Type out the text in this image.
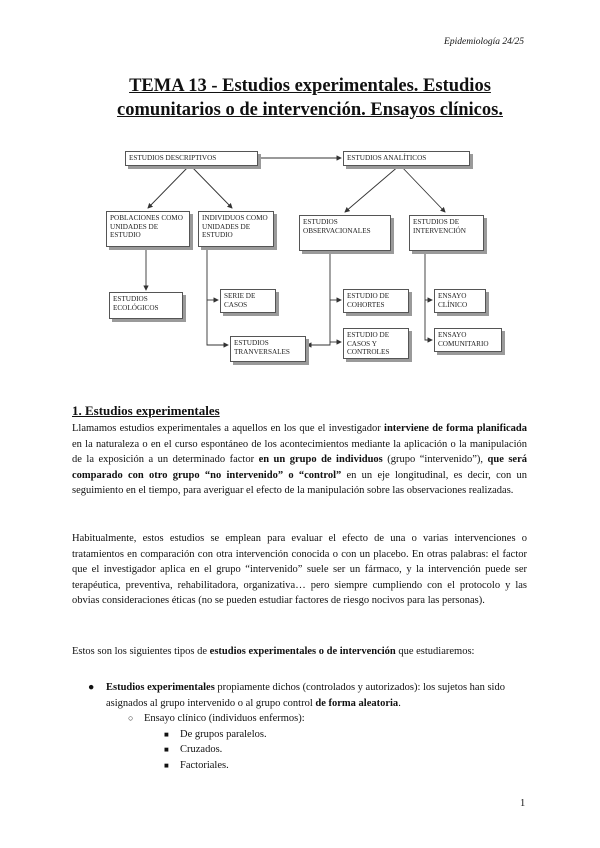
Epidemiología 24/25
TEMA 13 - Estudios experimentales. Estudios
comunitarios o de intervención. Ensayos clínicos.
ESTUDIOS DESCRIPTIVOS	ESTUDIOS ANALÍTICOS
POBLACIONES COMO UNIDADES DE ESTUDIO
INDIVIDUOS COMO UNIDADES DE ESTUDIO
ESTUDIOS OBSERVACIONALES
ESTUDIOS DE INTERVENCIÓN
ESTUDIOS ECOLÓGICOS
SERIE DE CASOS
ESTUDIO DE COHORTES
ESTUDIO DE CASOS Y CONTROLES
ESTUDIOS TRANVERSALES
ENSAYO CLÍNICO
ENSAYO COMUNITARIO
1. Estudios experimentales
Llamamos estudios experimentales a aquellos en los que el investigador interviene de forma planificada en la naturaleza o en el curso espontáneo de los acontecimientos mediante la aplicación o la manipulación de la exposición a un determinado factor en un grupo de individuos (grupo “intervenido”), que será comparado con otro grupo “no intervenido” o “control” en un eje longitudinal, es decir, con un seguimiento en el tiempo, para averiguar el efecto de la manipulación sobre las observaciones realizadas.
Habitualmente, estos estudios se emplean para evaluar el efecto de una o varias intervenciones o tratamientos en comparación con otra intervención conocida o con un placebo. En otras palabras: el factor que el investigador aplica en el grupo “intervenido” suele ser un fármaco, y la intervención puede ser terapéutica, preventiva, rehabilitadora, organizativa… pero siempre cumpliendo con el protocolo y las obvias consideraciones éticas (no se pueden estudiar factores de riesgo nocivos para las personas).
Estos son los siguientes tipos de estudios experimentales o de intervención que estudiaremos:
● Estudios experimentales propiamente dichos (controlados y autorizados): los sujetos han sido asignados al grupo intervenido o al grupo control de forma aleatoria.
○ Ensayo clínico (individuos enfermos):
■ De grupos paralelos.
■ Cruzados.
■ Factoriales.
1
